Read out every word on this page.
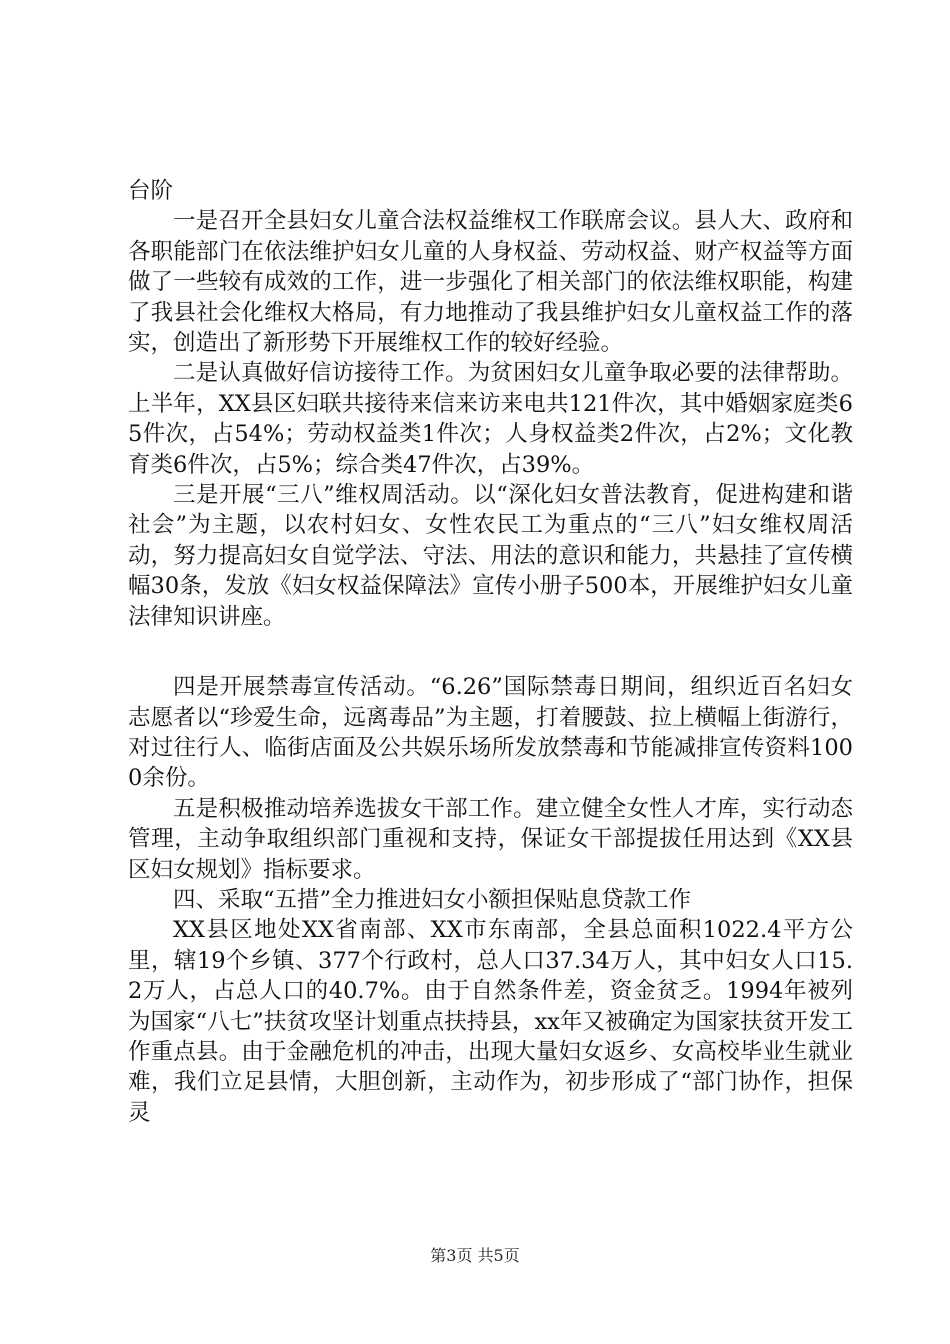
台阶

一是召开全县妇女儿童合法权益维权工作联席会议。县人大、政府和各职能部门在依法维护妇女儿童的人身权益、劳动权益、财产权益等方面做了一些较有成效的工作，进一步强化了相关部门的依法维权职能，构建了我县社会化维权大格局，有力地推动了我县维护妇女儿童权益工作的落实，创造出了新形势下开展维权工作的较好经验。

二是认真做好信访接待工作。为贫困妇女儿童争取必要的法律帮助。上半年，XX县区妇联共接待来信来访来电共121件次，其中婚姻家庭类65件次，占54%；劳动权益类1件次；人身权益类2件次，占2%；文化教育类6件次，占5%；综合类47件次，占39%。

三是开展“三八”维权周活动。以“深化妇女普法教育，促进构建和谐社会”为主题，以农村妇女、女性农民工为重点的“三八”妇女维权周活动，努力提高妇女自觉学法、守法、用法的意识和能力，共悬挂了宣传横幅30条，发放《妇女权益保障法》宣传小册子500本，开展维护妇女儿童法律知识讲座。

四是开展禁毒宣传活动。“6.26”国际禁毒日期间，组织近百名妇女志愿者以“珍爱生命，远离毒品”为主题，打着腰鼓、拉上横幅上街游行，对过往行人、临街店面及公共娱乐场所发放禁毒和节能减排宣传资料1000余份。

五是积极推动培养选拔女干部工作。建立健全女性人才库，实行动态管理，主动争取组织部门重视和支持，保证女干部提拔任用达到《XX县区妇女规划》指标要求。

四、采取“五措”全力推进妇女小额担保贴息贷款工作

XX县区地处XX省南部、XX市东南部，全县总面积1022.4平方公里，辖19个乡镇、377个行政村，总人口37.34万人，其中妇女人口15.2万人，占总人口的40.7%。由于自然条件差，资金贫乏。1994年被列为国家“八七”扶贫攻坚计划重点扶持县，xx年又被确定为国家扶贫开发工作重点县。由于金融危机的冲击，出现大量妇女返乡、女高校毕业生就业难，我们立足县情，大胆创新，主动作为，初步形成了“部门协作，担保灵

第3页 共5页
